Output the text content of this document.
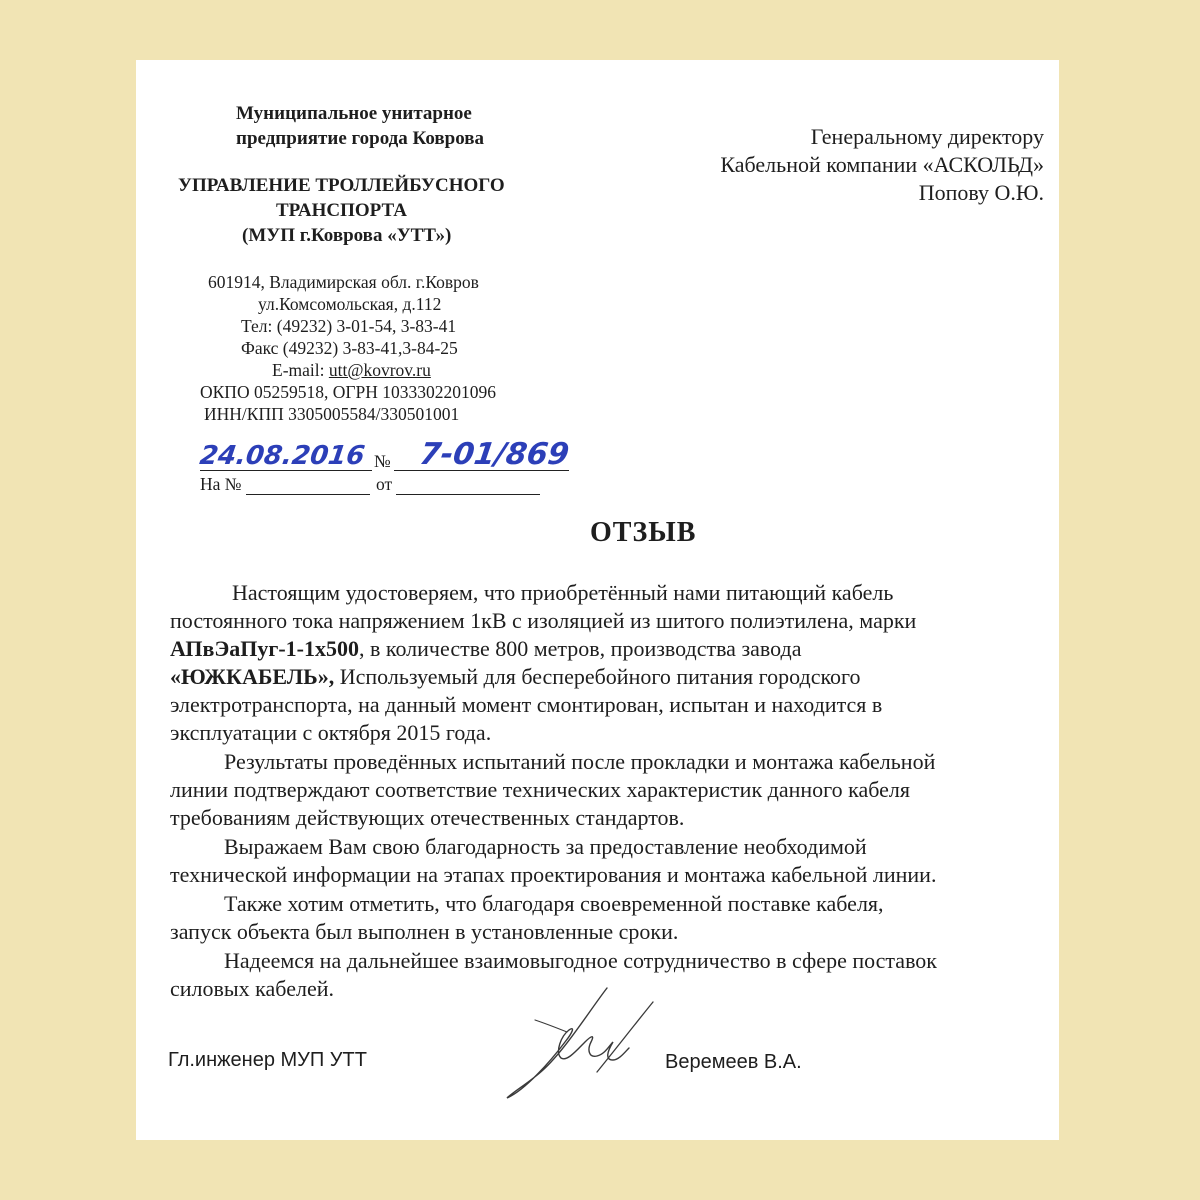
Муниципальное унитарное
предприятие города Коврова
УПРАВЛЕНИЕ ТРОЛЛЕЙБУСНОГО
ТРАНСПОРТА
(МУП г.Коврова «УТТ»)
601914, Владимирская обл. г.Ковров
ул.Комсомольская, д.112
Тел: (49232) 3-01-54, 3-83-41
Факс (49232) 3-83-41,3-84-25
E-mail: utt@kovrov.ru
ОКПО 05259518, ОГРН 1033302201096
ИНН/КПП 3305005584/330501001
Генеральному директору
Кабельной компании «АСКОЛЬД»
Попову О.Ю.
24.08.2016 № 7-01/869
На №	от
ОТЗЫВ
Настоящим удостоверяем, что приобретённый нами питающий кабель
постоянного тока напряжением 1кВ с изоляцией из шитого полиэтилена, марки
АПвЭаПуг-1-1х500, в количестве 800 метров, производства завода
«ЮЖКАБЕЛЬ», Используемый для бесперебойного питания городского
электротранспорта, на данный момент смонтирован, испытан и находится в
эксплуатации с октября 2015 года.
Результаты проведённых испытаний после прокладки и монтажа кабельной
линии подтверждают соответствие технических характеристик данного кабеля
требованиям действующих отечественных стандартов.
Выражаем Вам свою благодарность за предоставление необходимой
технической информации на этапах проектирования и монтажа кабельной линии.
Также хотим отметить, что благодаря своевременной поставке кабеля,
запуск объекта был выполнен в установленные сроки.
Надеемся на дальнейшее взаимовыгодное сотрудничество в сфере поставок
силовых кабелей.
Гл.инженер МУП УТТ	Веремеев В.А.
